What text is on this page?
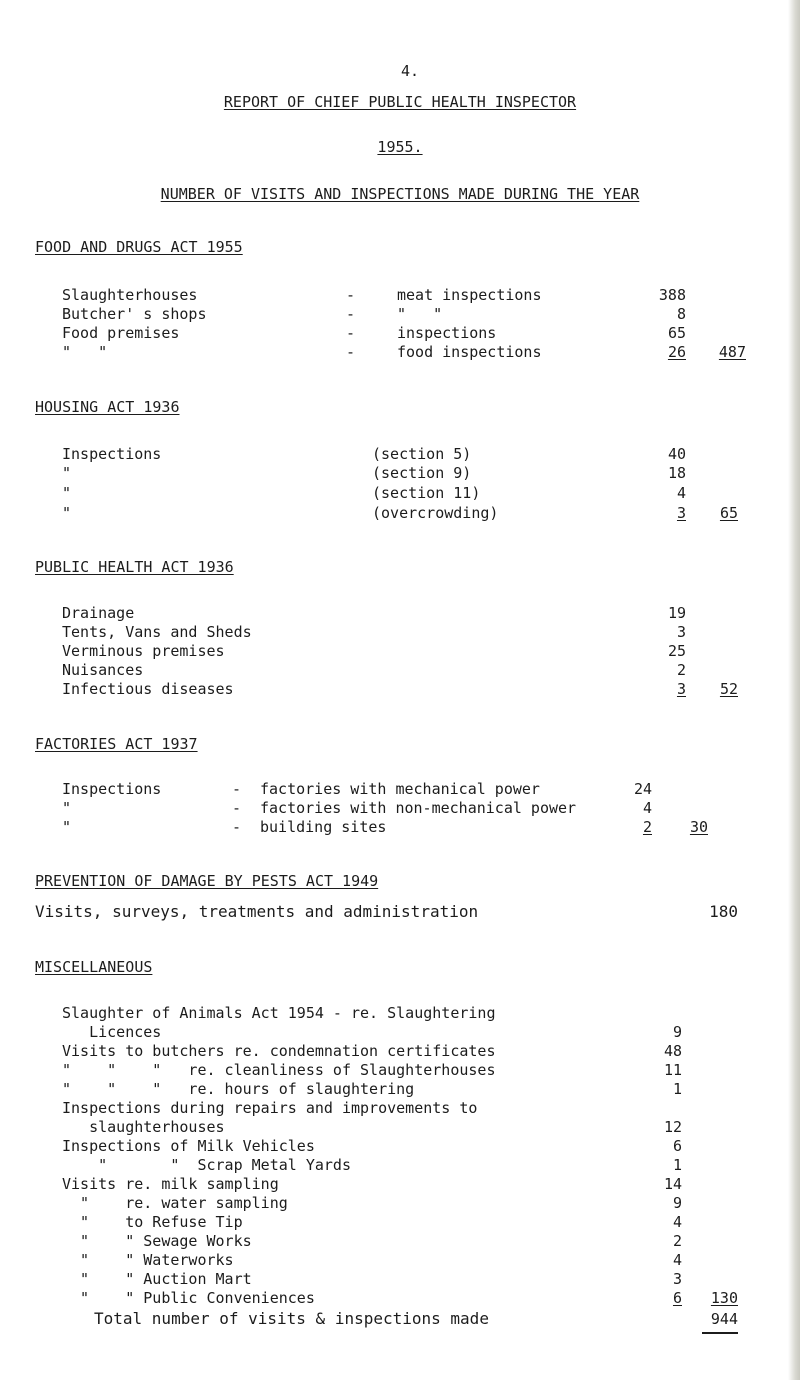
4.
REPORT OF CHIEF PUBLIC HEALTH INSPECTOR
1955.
NUMBER OF VISITS AND INSPECTIONS MADE DURING THE YEAR
FOOD AND DRUGS ACT 1955
Slaughterhouses	-	meat inspections	388
Butcher' s shops	-	"   "	8
Food premises	-	inspections	65
"   "	-	food inspections	26	487
HOUSING ACT 1936
Inspections	(section 5)	40
"	(section 9)	18
"	(section 11)	4
"	(overcrowding)	3	65
PUBLIC HEALTH ACT 1936
Drainage	19
Tents, Vans and Sheds	3
Verminous premises	25
Nuisances	2
Infectious diseases	3	52
FACTORIES ACT 1937
Inspections	- factories with mechanical power	24
"	- factories with non-mechanical power	4
"	- building sites	2	30
PREVENTION OF DAMAGE BY PESTS ACT 1949
Visits, surveys, treatments and administration	180
MISCELLANEOUS
Slaughter of Animals Act 1954 - re. Slaughtering
Licences	9
Visits to butchers re. condemnation certificates	48
"    "    "   re. cleanliness of Slaughterhouses	11
"    "    "   re. hours of slaughtering	1
Inspections during repairs and improvements to
slaughterhouses	12
Inspections of Milk Vehicles	6
"       "  Scrap Metal Yards	1
Visits re. milk sampling	14
"    re. water sampling	9
"    to Refuse Tip	4
"    " Sewage Works	2
"    " Waterworks	4
"    " Auction Mart	3
"    " Public Conveniences	6	130
Total number of visits & inspections made	944
